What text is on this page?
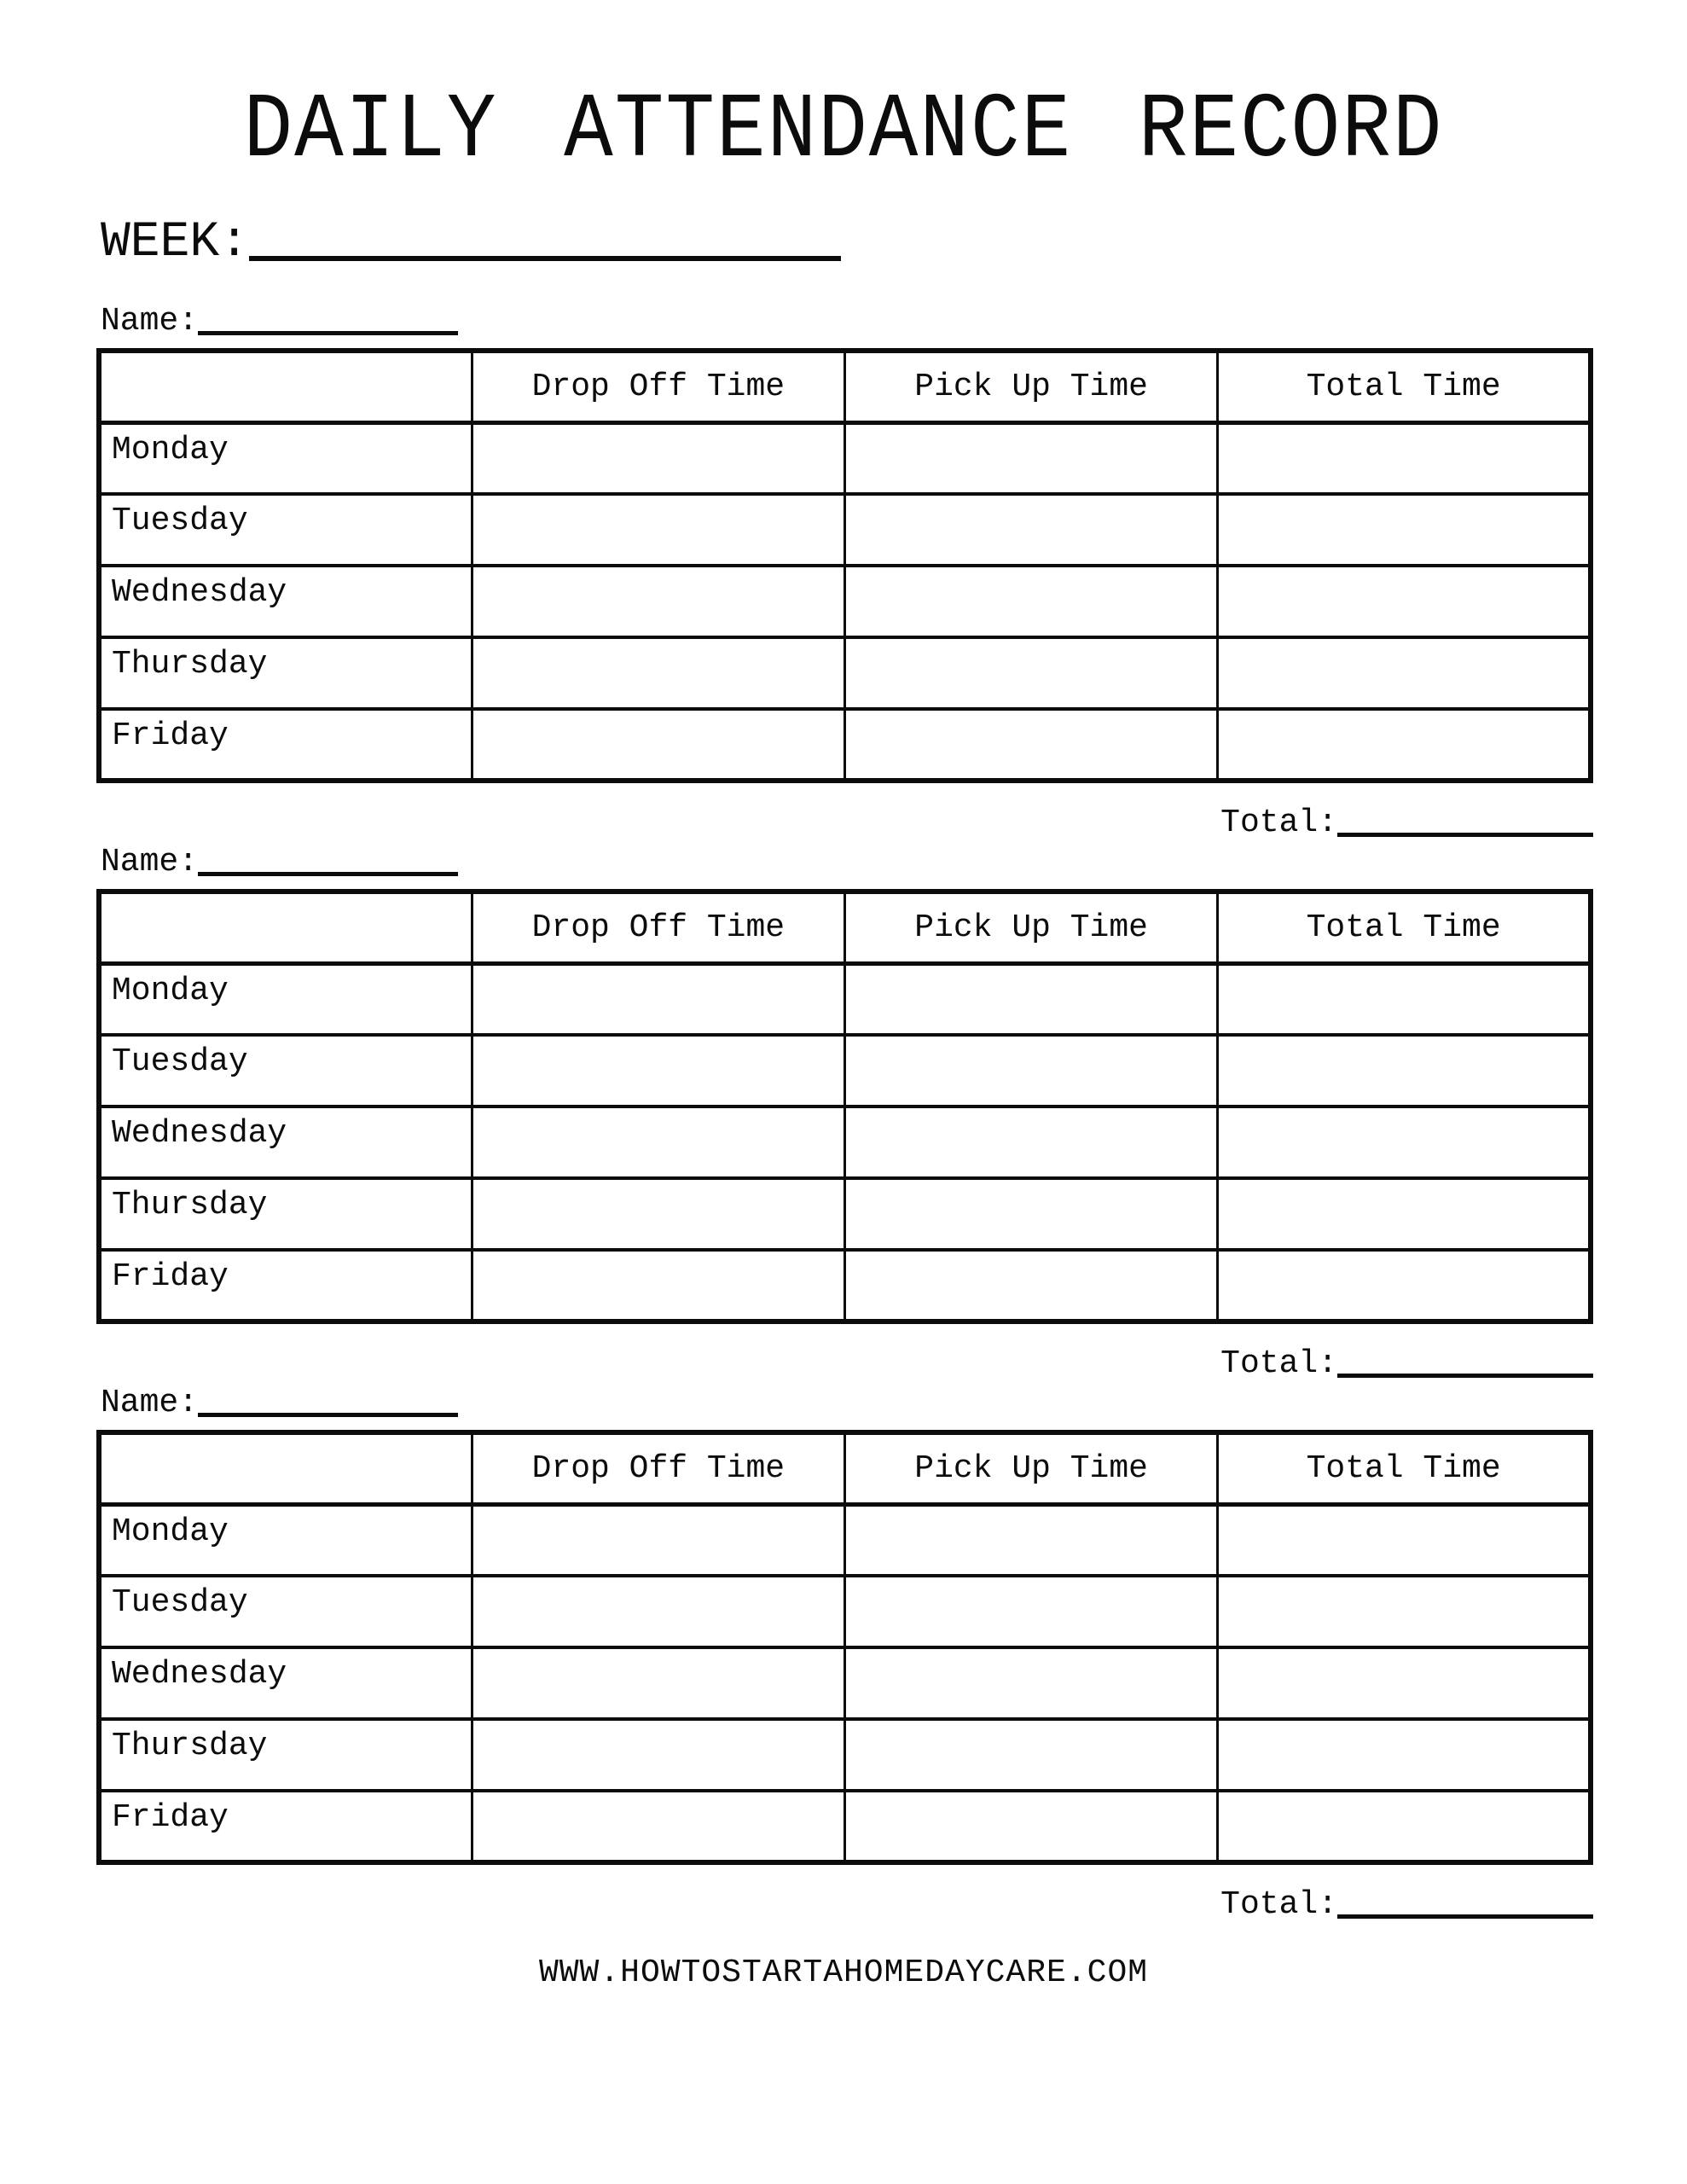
DAILY ATTENDANCE RECORD
WEEK:
Name:
	Drop Off Time	Pick Up Time	Total Time
Monday			
Tuesday			
Wednesday			
Thursday			
Friday			
Total:
Name:
	Drop Off Time	Pick Up Time	Total Time
Monday			
Tuesday			
Wednesday			
Thursday			
Friday			
Total:
Name:
	Drop Off Time	Pick Up Time	Total Time
Monday			
Tuesday			
Wednesday			
Thursday			
Friday			
Total:
WWW.HOWTOSTARTAHOMEDAYCARE.COM
